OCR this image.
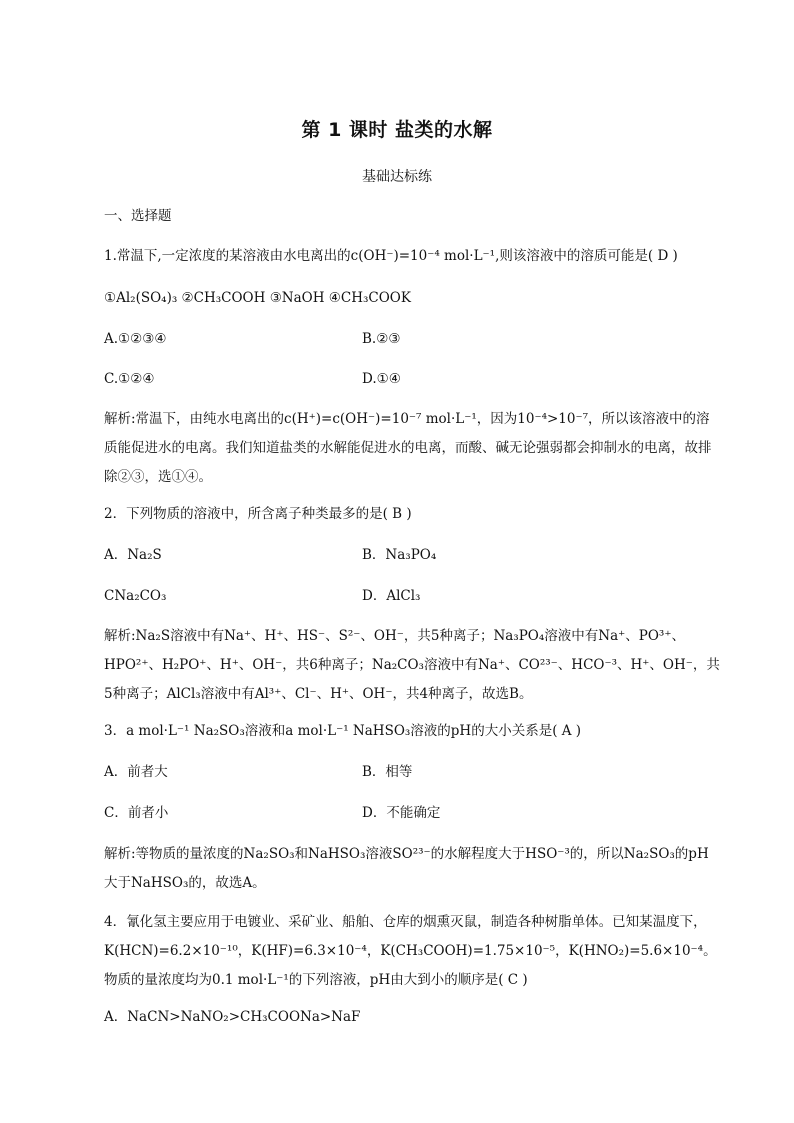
第 1 课时 盐类的水解
基础达标练
一、选择题
1.常温下,一定浓度的某溶液由水电离出的c(OH⁻)=10⁻⁴ mol·L⁻¹,则该溶液中的溶质可能是( D )
①Al₂(SO₄)₃ ②CH₃COOH ③NaOH ④CH₃COOK
A.①②③④	B.②③
C.①②④	D.①④
解析:常温下，由纯水电离出的c(H⁺)=c(OH⁻)=10⁻⁷ mol·L⁻¹，因为10⁻⁴>10⁻⁷，所以该溶液中的溶质能促进水的电离。我们知道盐类的水解能促进水的电离，而酸、碱无论强弱都会抑制水的电离，故排除②③，选①④。
2．下列物质的溶液中，所含离子种类最多的是( B )
A．Na₂S	B．Na₃PO₄
CNa₂CO₃	D．AlCl₃
解析:Na₂S溶液中有Na⁺、H⁺、HS⁻、S²⁻、OH⁻，共5种离子；Na₃PO₄溶液中有Na⁺、PO³⁺、HPO²⁺、H₂PO⁺、H⁺、OH⁻，共6种离子；Na₂CO₃溶液中有Na⁺、CO²³⁻、HCO⁻³、H⁺、OH⁻，共5种离子；AlCl₃溶液中有Al³⁺、Cl⁻、H⁺、OH⁻，共4种离子，故选B。
3．a mol·L⁻¹ Na₂SO₃溶液和a mol·L⁻¹ NaHSO₃溶液的pH的大小关系是( A )
A．前者大	B．相等
C．前者小	D．不能确定
解析:等物质的量浓度的Na₂SO₃和NaHSO₃溶液SO²³⁻的水解程度大于HSO⁻³的，所以Na₂SO₃的pH大于NaHSO₃的，故选A。
4．氰化氢主要应用于电镀业、采矿业、船舶、仓库的烟熏灭鼠，制造各种树脂单体。已知某温度下，K(HCN)=6.2×10⁻¹⁰，K(HF)=6.3×10⁻⁴，K(CH₃COOH)=1.75×10⁻⁵，K(HNO₂)=5.6×10⁻⁴。物质的量浓度均为0.1 mol·L⁻¹的下列溶液，pH由大到小的顺序是( C )
A．NaCN>NaNO₂>CH₃COONa>NaF
